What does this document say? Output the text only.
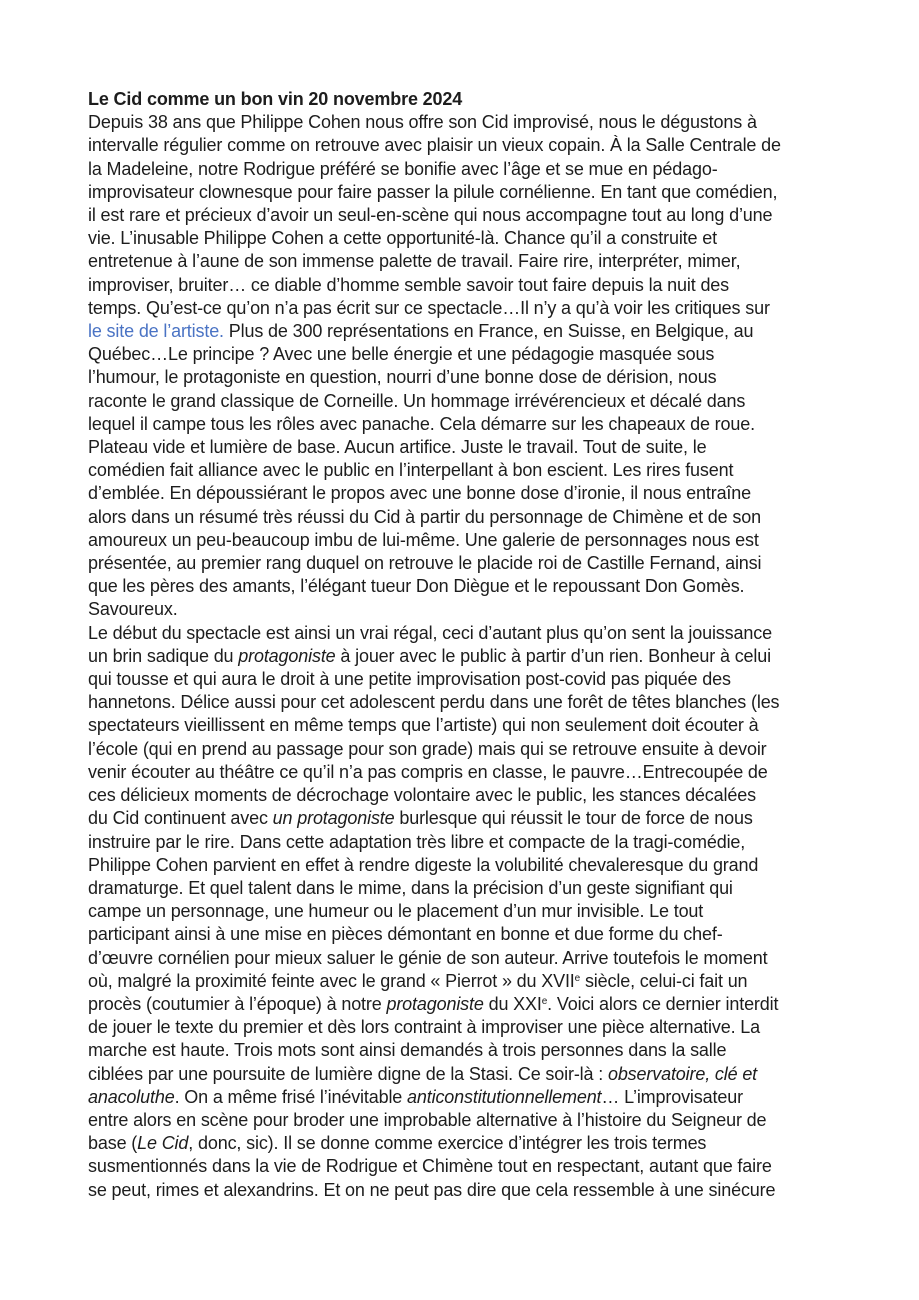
Le Cid comme un bon vin 20 novembre 2024
Depuis 38 ans que Philippe Cohen nous offre son Cid improvisé, nous le dégustons à
intervalle régulier comme on retrouve avec plaisir un vieux copain. À la Salle Centrale de
la Madeleine, notre Rodrigue préféré se bonifie avec l’âge et se mue en pédago-
improvisateur clownesque pour faire passer la pilule cornélienne. En tant que comédien,
il est rare et précieux d’avoir un seul-en-scène qui nous accompagne tout au long d’une
vie. L’inusable Philippe Cohen a cette opportunité-là. Chance qu’il a construite et
entretenue à l’aune de son immense palette de travail. Faire rire, interpréter, mimer,
improviser, bruiter… ce diable d’homme semble savoir tout faire depuis la nuit des
temps. Qu’est-ce qu’on n’a pas écrit sur ce spectacle…Il n’y a qu’à voir les critiques sur
le site de l’artiste. Plus de 300 représentations en France, en Suisse, en Belgique, au
Québec…Le principe ? Avec une belle énergie et une pédagogie masquée sous
l’humour, le protagoniste en question, nourri d’une bonne dose de dérision, nous
raconte le grand classique de Corneille. Un hommage irrévérencieux et décalé dans
lequel il campe tous les rôles avec panache. Cela démarre sur les chapeaux de roue.
Plateau vide et lumière de base. Aucun artifice. Juste le travail. Tout de suite, le
comédien fait alliance avec le public en l’interpellant à bon escient. Les rires fusent
d’emblée. En dépoussiérant le propos avec une bonne dose d’ironie, il nous entraîne
alors dans un résumé très réussi du Cid à partir du personnage de Chimène et de son
amoureux un peu-beaucoup imbu de lui-même. Une galerie de personnages nous est
présentée, au premier rang duquel on retrouve le placide roi de Castille Fernand, ainsi
que les pères des amants, l’élégant tueur Don Diègue et le repoussant Don Gomès.
Savoureux.
Le début du spectacle est ainsi un vrai régal, ceci d’autant plus qu’on sent la jouissance
un brin sadique du protagoniste à jouer avec le public à partir d’un rien. Bonheur à celui
qui tousse et qui aura le droit à une petite improvisation post-covid pas piquée des
hannetons. Délice aussi pour cet adolescent perdu dans une forêt de têtes blanches (les
spectateurs vieillissent en même temps que l’artiste) qui non seulement doit écouter à
l’école (qui en prend au passage pour son grade) mais qui se retrouve ensuite à devoir
venir écouter au théâtre ce qu’il n’a pas compris en classe, le pauvre…Entrecoupée de
ces délicieux moments de décrochage volontaire avec le public, les stances décalées
du Cid continuent avec un protagoniste burlesque qui réussit le tour de force de nous
instruire par le rire. Dans cette adaptation très libre et compacte de la tragi-comédie,
Philippe Cohen parvient en effet à rendre digeste la volubilité chevaleresque du grand
dramaturge. Et quel talent dans le mime, dans la précision d’un geste signifiant qui
campe un personnage, une humeur ou le placement d’un mur invisible. Le tout
participant ainsi à une mise en pièces démontant en bonne et due forme du chef-
d’œuvre cornélien pour mieux saluer le génie de son auteur. Arrive toutefois le moment
où, malgré la proximité feinte avec le grand « Pierrot » du XVIIe siècle, celui-ci fait un
procès (coutumier à l’époque) à notre protagoniste du XXIe. Voici alors ce dernier interdit
de jouer le texte du premier et dès lors contraint à improviser une pièce alternative. La
marche est haute. Trois mots sont ainsi demandés à trois personnes dans la salle
ciblées par une poursuite de lumière digne de la Stasi. Ce soir-là : observatoire, clé et
anacoluthe. On a même frisé l’inévitable anticonstitutionnellement… L’improvisateur
entre alors en scène pour broder une improbable alternative à l’histoire du Seigneur de
base (Le Cid, donc, sic). Il se donne comme exercice d’intégrer les trois termes
susmentionnés dans la vie de Rodrigue et Chimène tout en respectant, autant que faire
se peut, rimes et alexandrins. Et on ne peut pas dire que cela ressemble à une sinécure
